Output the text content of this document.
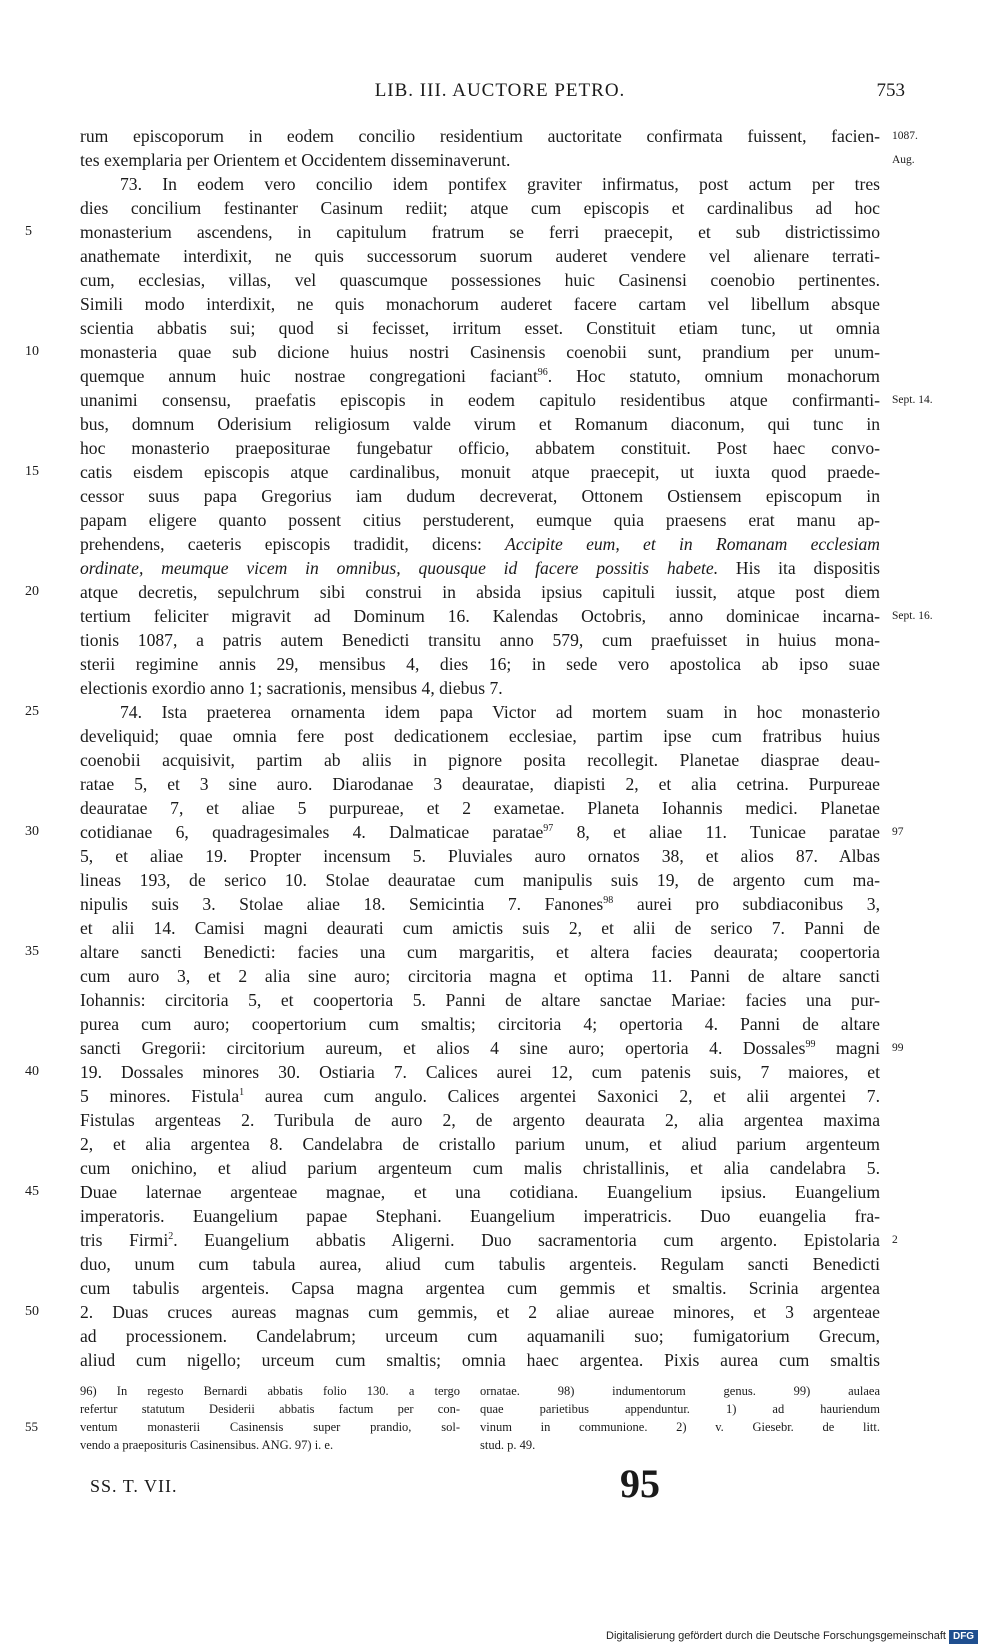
LIB. III. AUCTORE PETRO.	753
rum episcoporum in eodem concilio residentium auctoritate confirmata fuissent, facien-
tes exemplaria per Orientem et Occidentem disseminaverunt.
73. In eodem vero concilio idem pontifex graviter infirmatus, post actum per tres
dies concilium festinanter Casinum rediit; atque cum episcopis et cardinalibus ad hoc
5	monasterium ascendens, in capitulum fratrum se ferri praecepit, et sub districtissimo
anathemate interdixit, ne quis successorum suorum auderet vendere vel alienare terrati-
cum, ecclesias, villas, vel quascumque possessiones huic Casinensi coenobio pertinentes.
Simili modo interdixit, ne quis monachorum auderet facere cartam vel libellum absque
scientia abbatis sui; quod si fecisset, irritum esset. Constituit etiam tunc, ut omnia
10	monasteria quae sub dicione huius nostri Casinensis coenobii sunt, prandium per unum-
quemque annum huic nostrae congregationi faciant$^{96}$. Hoc statuto, omnium monachorum
unanimi consensu, praefatis episcopis in eodem capitulo residentibus atque confirmanti-
bus, domnum Oderisium religiosum valde virum et Romanum diaconum, qui tunc in
hoc monasterio praepositurae fungebatur officio, abbatem constituit. Post haec convo-
15	catis eisdem episcopis atque cardinalibus, monuit atque praecepit, ut iuxta quod praede-
cessor suus papa Gregorius iam dudum decreverat, Ottonem Ostiensem episcopum in
papam eligere quanto possent citius perstuderent, eumque quia praesens erat manu ap-
prehendens, caeteris episcopis tradidit, dicens: Accipite eum, et in Romanam ecclesiam
ordinate, meumque vicem in omnibus, quousque id facere possitis habete. His ita dispositis
20	atque decretis, sepulchrum sibi construi in absida ipsius capituli iussit, atque post diem
tertium feliciter migravit ad Dominum 16. Kalendas Octobris, anno dominicae incarna-
tionis 1087, a patris autem Benedicti transitu anno 579, cum praefuisset in huius mona-
sterii regimine annis 29, mensibus 4, dies 16; in sede vero apostolica ab ipso suae
electionis exordio anno 1; sacrationis, mensibus 4, diebus 7.
25	74. Ista praeterea ornamenta idem papa Victor ad mortem suam in hoc monasterio
develiquid; quae omnia fere post dedicationem ecclesiae, partim ipse cum fratribus huius
coenobii acquisivit, partim ab aliis in pignore posita recollegit. Planetae diasprae deau-
ratae 5, et 3 sine auro. Diarodanae 3 deauratae, diapisti 2, et alia cetrina. Purpureae
deauratae 7, et aliae 5 purpureae, et 2 exametae. Planeta Iohannis medici. Planetae
30	cotidianae 6, quadragesimales 4. Dalmaticae paratae$^{97}$ 8, et aliae 11. Tunicae paratae
5, et aliae 19. Propter incensum 5. Pluviales auro ornatos 38, et alios 87. Albas
lineas 193, de serico 10. Stolae deauratae cum manipulis suis 19, de argento cum ma-
nipulis suis 3. Stolae aliae 18. Semicintia 7. Fanones$^{98}$ aurei pro subdiaconibus 3,
et alii 14. Camisi magni deaurati cum amictis suis 2, et alii de serico 7. Panni de
35	altare sancti Benedicti: facies una cum margaritis, et altera facies deaurata; coopertoria
cum auro 3, et 2 alia sine auro; circitoria magna et optima 11. Panni de altare sancti
Iohannis: circitoria 5, et coopertoria 5. Panni de altare sanctae Mariae: facies una pur-
purea cum auro; coopertorium cum smaltis; circitoria 4; opertoria 4. Panni de altare
sancti Gregorii: circitorium aureum, et alios 4 sine auro; opertoria 4. Dossales$^{99}$ magni
40	19. Dossales minores 30. Ostiaria 7. Calices aurei 12, cum patenis suis, 7 maiores, et
5 minores. Fistula$^1$ aurea cum angulo. Calices argentei Saxonici 2, et alii argentei 7.
Fistulas argenteas 2. Turibula de auro 2, de argento deaurata 2, alia argentea maxima
2, et alia argentea 8. Candelabra de cristallo parium unum, et aliud parium argenteum
cum onichino, et aliud parium argenteum cum malis christallinis, et alia candelabra 5.
45	Duae laternae argenteae magnae, et una cotidiana. Euangelium ipsius. Euangelium
imperatoris. Euangelium papae Stephani. Euangelium imperatricis. Duo euangelia fra-
tris Firmi$^2$. Euangelium abbatis Aligerni. Duo sacramentoria cum argento. Epistolaria
duo, unum cum tabula aurea, aliud cum tabulis argenteis. Regulam sancti Benedicti
cum tabulis argenteis. Capsa magna argentea cum gemmis et smaltis. Scrinia argentea
50	2. Duas cruces aureas magnas cum gemmis, et 2 aliae aureae minores, et 3 argenteae
ad processionem. Candelabrum; urceum cum aquamanili suo; fumigatorium Grecum,
aliud cum nigello; urceum cum smaltis; omnia haec argentea. Pixis aurea cum smaltis
1087.
Aug.
Sept. 14.
Sept. 16.
97
99
2
96) In regesto Bernardi abbatis folio 130. a tergo
refertur statutum Desiderii abbatis factum per con-
55	ventum monasterii Casinensis super prandio, sol-
vendo a praeposituris Casinensibus. ANG. 97) i. e.
ornatae. 98) indumentorum genus. 99) aulaea
quae parietibus appenduntur. 1) ad hauriendum
vinum in communione. 2) v. Giesebr. de litt.
stud. p. 49.
SS. T. VII.	95
Digitalisierung gefördert durch die Deutsche Forschungsgemeinschaft DFG
